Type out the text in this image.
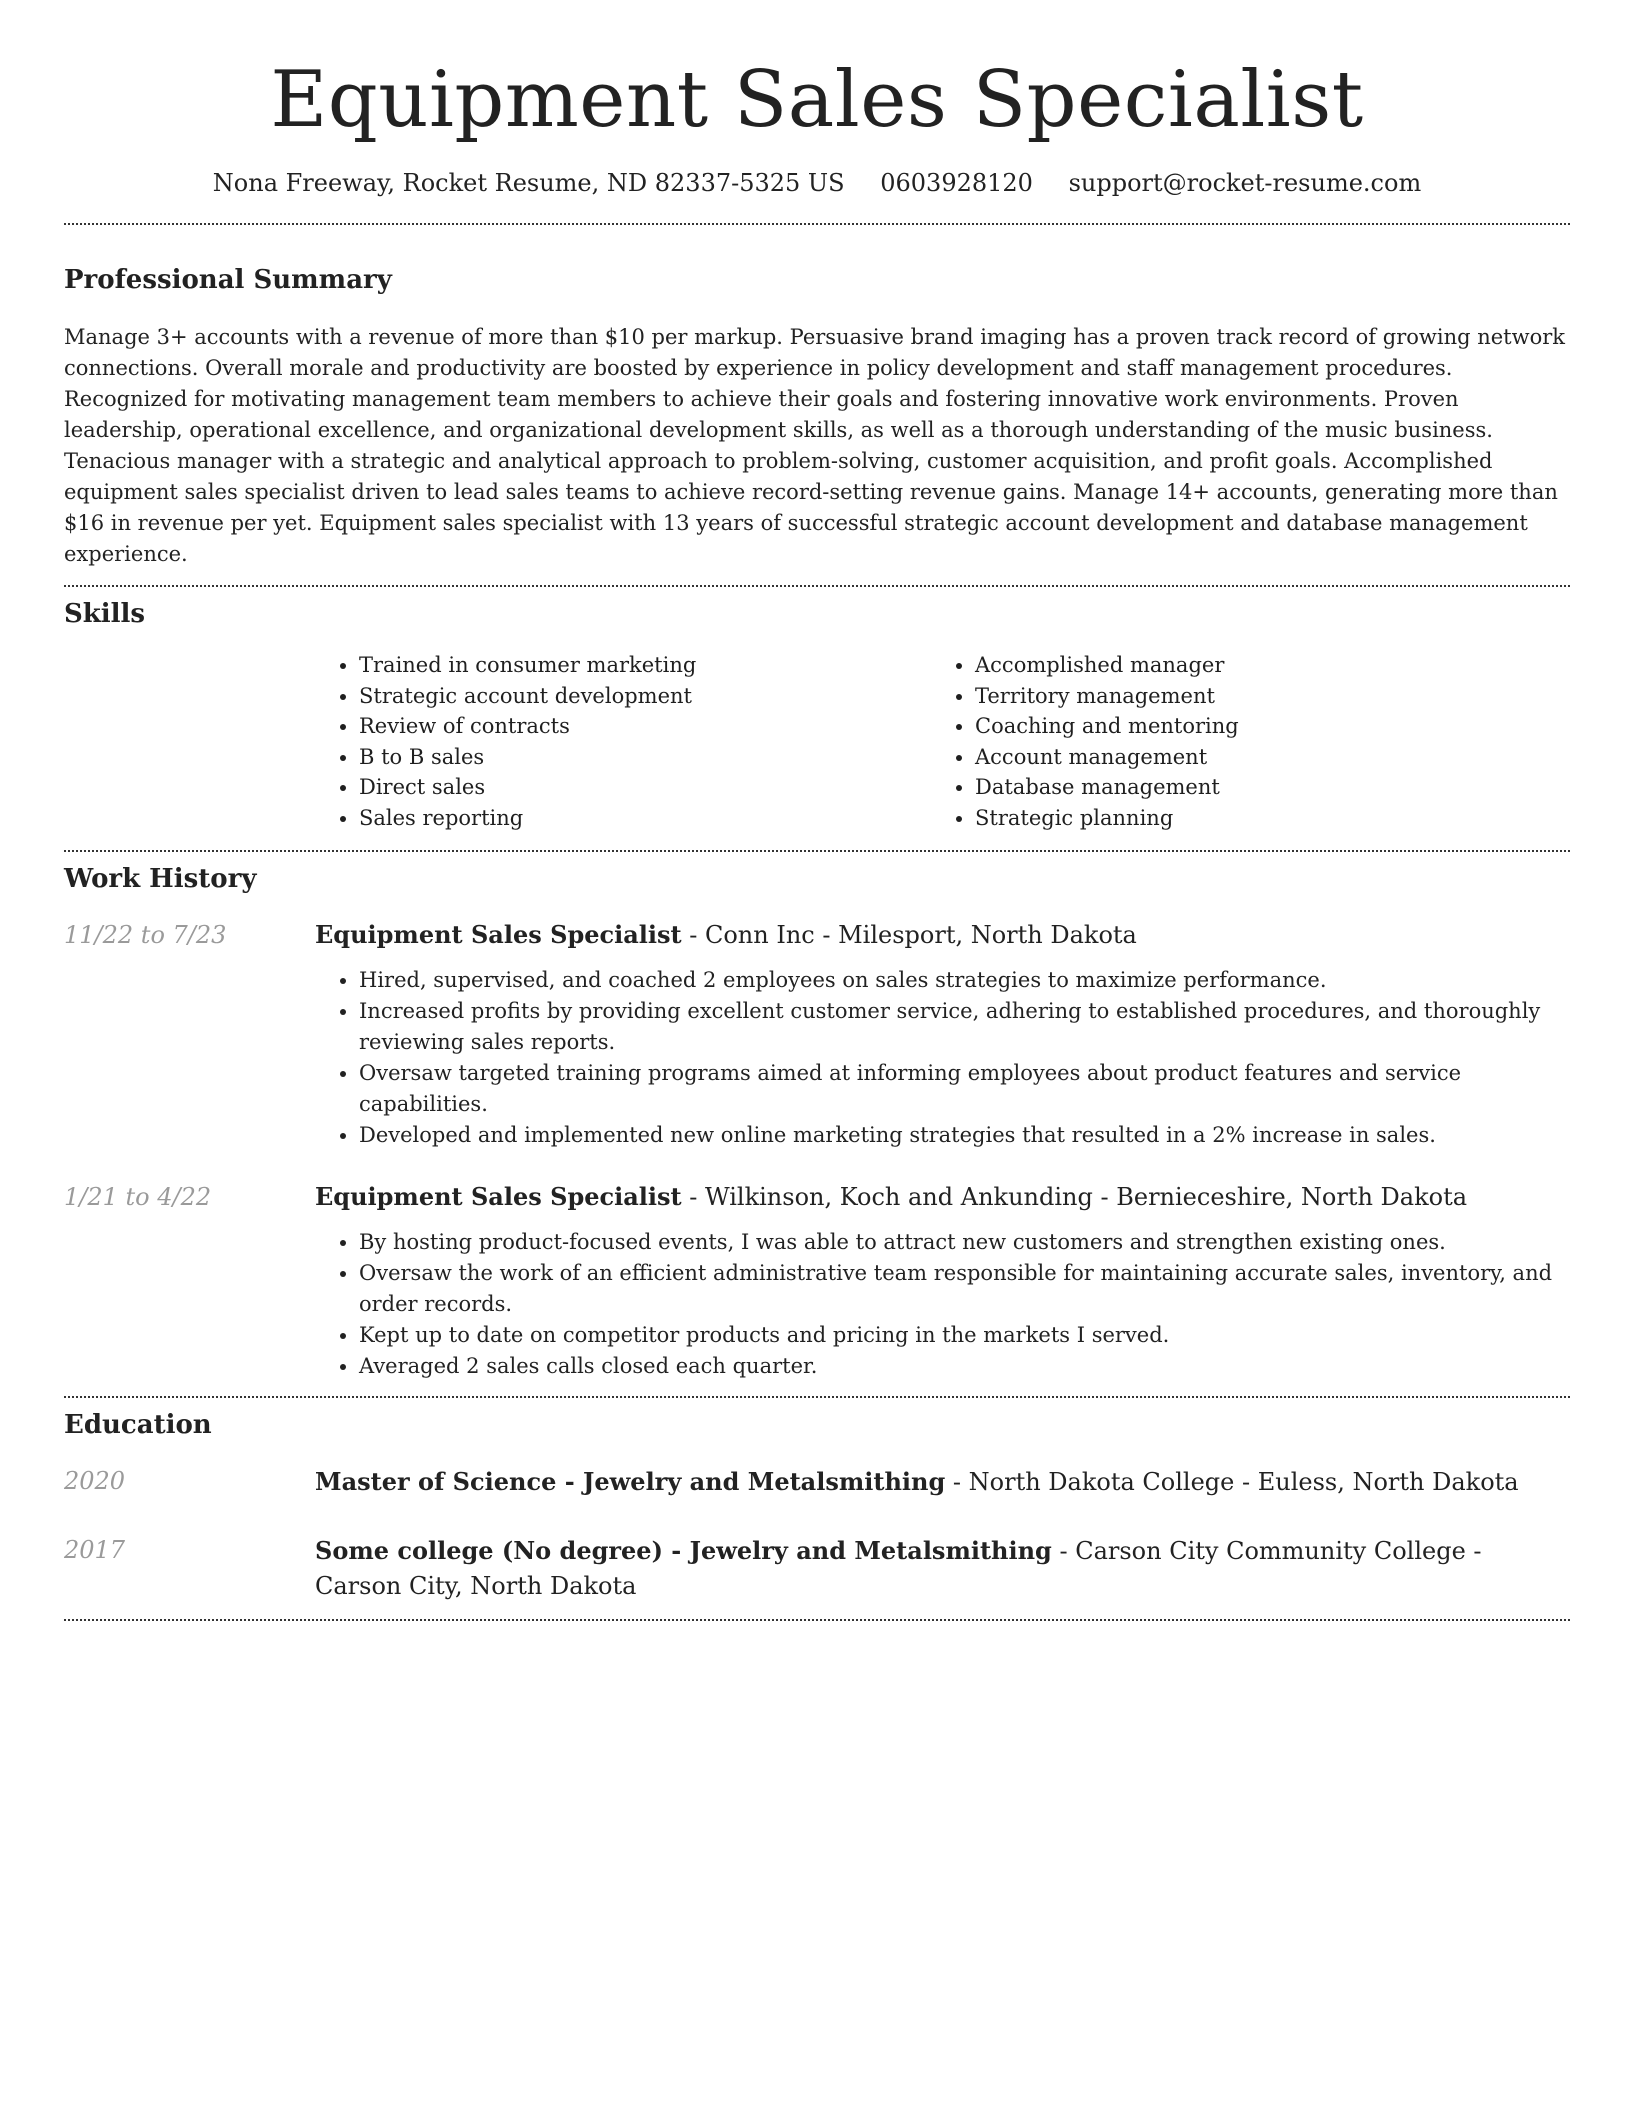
Equipment Sales Specialist
Nona Freeway, Rocket Resume, ND 82337-5325 US 0603928120 support@rocket-resume.com
Professional Summary

Manage 3+ accounts with a revenue of more than $10 per markup. Persuasive brand imaging has a proven track record of growing network connections. Overall morale and productivity are boosted by experience in policy development and staff management procedures. Recognized for motivating management team members to achieve their goals and fostering innovative work environments. Proven leadership, operational excellence, and organizational development skills, as well as a thorough understanding of the music business. Tenacious manager with a strategic and analytical approach to problem-solving, customer acquisition, and profit goals. Accomplished equipment sales specialist driven to lead sales teams to achieve record-setting revenue gains. Manage 14+ accounts, generating more than $16 in revenue per yet. Equipment sales specialist with 13 years of successful strategic account development and database management experience.

Skills
• Trained in consumer marketing
• Strategic account development
• Review of contracts
• B to B sales
• Direct sales
• Sales reporting
• Accomplished manager
• Territory management
• Coaching and mentoring
• Account management
• Database management
• Strategic planning
Work History
11/22 to 7/23	Equipment Sales Specialist - Conn Inc - Milesport, North Dakota
• Hired, supervised, and coached 2 employees on sales strategies to maximize performance.
• Increased profits by providing excellent customer service, adhering to established procedures, and thoroughly reviewing sales reports.
• Oversaw targeted training programs aimed at informing employees about product features and service capabilities.
• Developed and implemented new online marketing strategies that resulted in a 2% increase in sales.
1/21 to 4/22	Equipment Sales Specialist - Wilkinson, Koch and Ankunding - Bernieceshire, North Dakota
• By hosting product-focused events, I was able to attract new customers and strengthen existing ones.
• Oversaw the work of an efficient administrative team responsible for maintaining accurate sales, inventory, and order records.
• Kept up to date on competitor products and pricing in the markets I served.
• Averaged 2 sales calls closed each quarter.
Education
2020	Master of Science - Jewelry and Metalsmithing - North Dakota College - Euless, North Dakota
2017	Some college (No degree) - Jewelry and Metalsmithing - Carson City Community College - Carson City, North Dakota
